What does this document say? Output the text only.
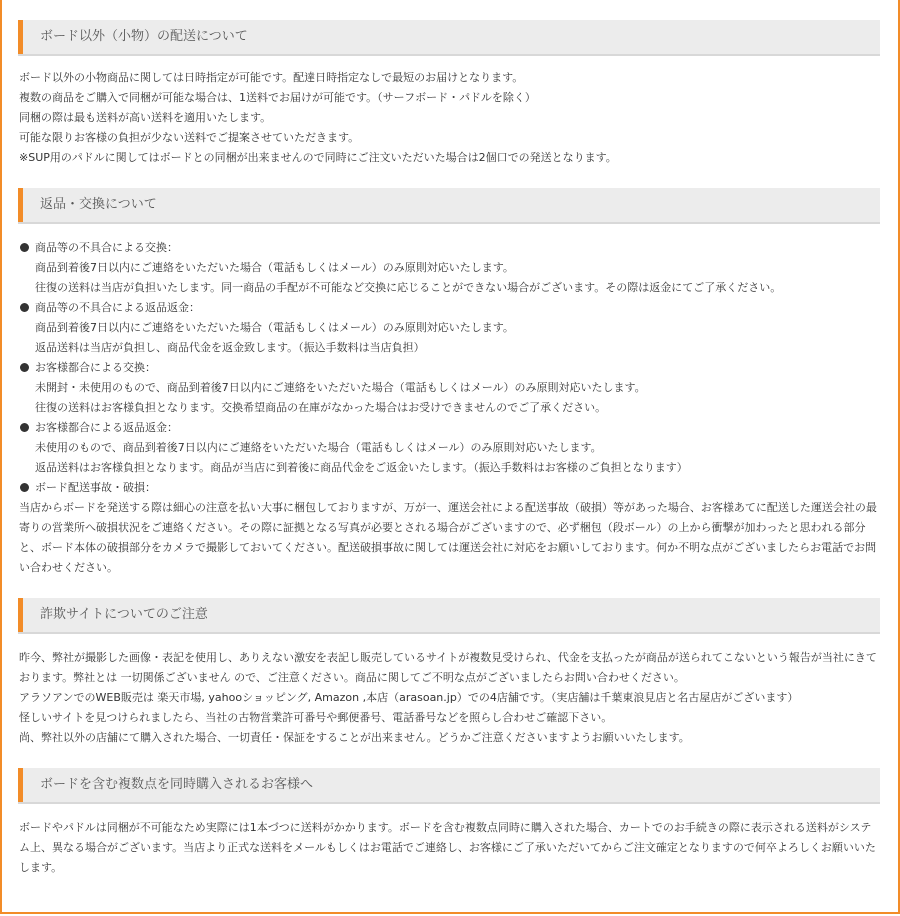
ボード以外（小物）の配送について

ボード以外の小物商品に関しては日時指定が可能です。配達日時指定なしで最短のお届けとなります。

複数の商品をご購入で同梱が可能な場合は、1送料でお届けが可能です。（サーフボード・パドルを除く）

同梱の際は最も送料が高い送料を適用いたします。

可能な限りお客様の負担が少ない送料でご提案させていただきます。

※SUP用のパドルに関してはボードとの同梱が出来ませんので同時にご注文いただいた場合は2個口での発送となります。

返品・交換について
商品等の不具合による交換：
商品到着後7日以内にご連絡をいただいた場合（電話もしくはメール）のみ原則対応いたします。
往復の送料は当店が負担いたします。同一商品の手配が不可能など交換に応じることができない場合がございます。その際は返金にてご了承ください。
商品等の不具合による返品返金：
商品到着後7日以内にご連絡をいただいた場合（電話もしくはメール）のみ原則対応いたします。
返品送料は当店が負担し、商品代金を返金致します。（振込手数料は当店負担）
お客様都合による交換：
未開封・未使用のもので、商品到着後7日以内にご連絡をいただいた場合（電話もしくはメール）のみ原則対応いたします。
往復の送料はお客様負担となります。交換希望商品の在庫がなかった場合はお受けできませんのでご了承ください。
お客様都合による返品返金：
未使用のもので、商品到着後7日以内にご連絡をいただいた場合（電話もしくはメール）のみ原則対応いたします。
返品送料はお客様負担となります。商品が当店に到着後に商品代金をご返金いたします。（振込手数料はお客様のご負担となります）
ボード配送事故・破損：
当店からボードを発送する際は細心の注意を払い大事に梱包しておりますが、万が一、運送会社による配送事故（破損）等があった場合、お客様あてに配送した運送会社の最寄りの営業所へ破損状況をご連絡ください。その際に証拠となる写真が必要とされる場合がございますので、必ず梱包（段ボール）の上から衝撃が加わったと思われる部分と、ボード本体の破損部分をカメラで撮影しておいてください。配送破損事故に関しては運送会社に対応をお願いしております。何か不明な点がございましたらお電話でお問い合わせください。
詐欺サイトについてのご注意

昨今、弊社が撮影した画像・表記を使用し、ありえない激安を表記し販売しているサイトが複数見受けられ、代金を支払ったが商品が送られてこないという報告が当社にきております。弊社とは 一切関係ございません ので、ご注意ください。商品に関してご不明な点がございましたらお問い合わせください。

アラソアンでのWEB販売は 楽天市場, yahooショッピング, Amazon ,本店（arasoan.jp）での4店舗です。（実店舗は千葉東浪見店と名古屋店がございます）

怪しいサイトを見つけられましたら、当社の古物営業許可番号や郵便番号、電話番号などを照らし合わせご確認下さい。

尚、弊社以外の店舗にて購入された場合、一切責任・保証をすることが出来ません。どうかご注意くださいますようお願いいたします。

ボードを含む複数点を同時購入されるお客様へ

ボードやパドルは同梱が不可能なため実際には1本づつに送料がかかります。ボードを含む複数点同時に購入された場合、カートでのお手続きの際に表示される送料がシステム上、異なる場合がございます。当店より正式な送料をメールもしくはお電話でご連絡し、お客様にご了承いただいてからご注文確定となりますので何卒よろしくお願いいたします。
